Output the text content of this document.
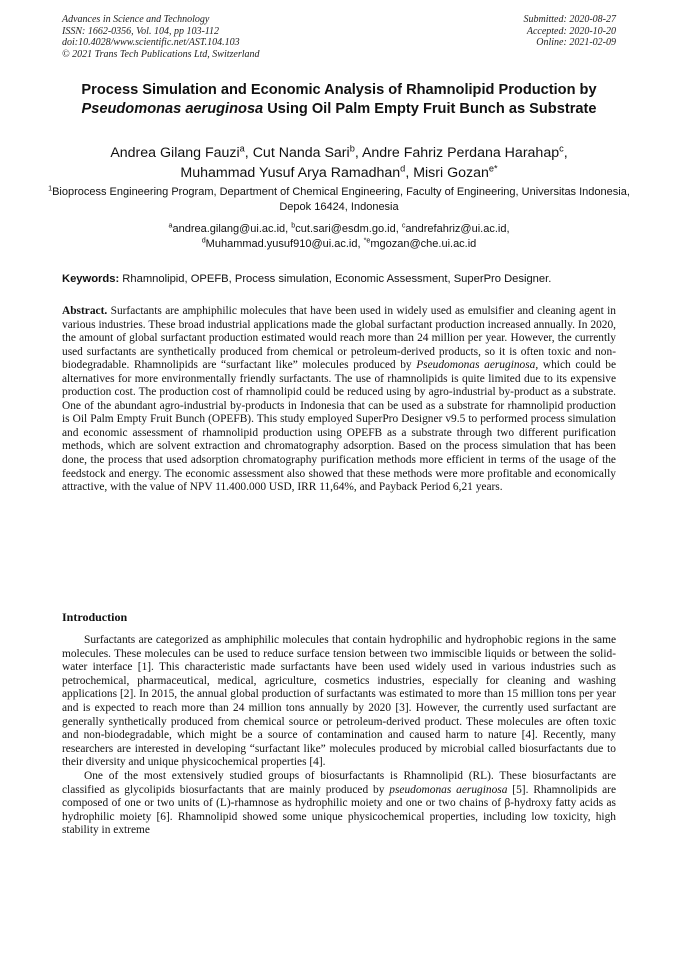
Advances in Science and Technology
ISSN: 1662-0356, Vol. 104, pp 103-112
doi:10.4028/www.scientific.net/AST.104.103
© 2021 Trans Tech Publications Ltd, Switzerland
Submitted: 2020-08-27
Accepted: 2020-10-20
Online: 2021-02-09
Process Simulation and Economic Analysis of Rhamnolipid Production by Pseudomonas aeruginosa Using Oil Palm Empty Fruit Bunch as Substrate
Andrea Gilang Fauzi$^a$, Cut Nanda Sari$^b$, Andre Fahriz Perdana Harahap$^c$,
Muhammad Yusuf Arya Ramadhan$^d$, Misri Gozan$^{e*}$
$^1$Bioprocess Engineering Program, Department of Chemical Engineering, Faculty of Engineering, Universitas Indonesia, Depok 16424, Indonesia
$^a$andrea.gilang@ui.ac.id, $^b$cut.sari@esdm.go.id, $^c$andrefahriz@ui.ac.id,
$^d$Muhammad.yusuf910@ui.ac.id, $^{*e}$mgozan@che.ui.ac.id
Keywords: Rhamnolipid, OPEFB, Process simulation, Economic Assessment, SuperPro Designer.
Abstract. Surfactants are amphiphilic molecules that have been used in widely used as emulsifier and cleaning agent in various industries. These broad industrial applications made the global surfactant production increased annually. In 2020, the amount of global surfactant production estimated would reach more than 24 million per year. However, the currently used surfactants are synthetically produced from chemical or petroleum-derived products, so it is often toxic and non-biodegradable. Rhamnolipids are “surfactant like” molecules produced by Pseudomonas aeruginosa, which could be alternatives for more environmentally friendly surfactants. The use of rhamnolipids is quite limited due to its expensive production cost. The production cost of rhamnolipid could be reduced using by agro-industrial by-product as a substrate. One of the abundant agro-industrial by-products in Indonesia that can be used as a substrate for rhamnolipid production is Oil Palm Empty Fruit Bunch (OPEFB). This study employed SuperPro Designer v9.5 to performed process simulation and economic assessment of rhamnolipid production using OPEFB as a substrate through two different purification methods, which are solvent extraction and chromatography adsorption. Based on the process simulation that has been done, the process that used adsorption chromatography purification methods more efficient in terms of the usage of the feedstock and energy. The economic assessment also showed that these methods were more profitable and economically attractive, with the value of NPV 11.400.000 USD, IRR 11,64%, and Payback Period 6,21 years.
Introduction

Surfactants are categorized as amphiphilic molecules that contain hydrophilic and hydrophobic regions in the same molecules. These molecules can be used to reduce surface tension between two immiscible liquids or between the solid-water interface [1]. This characteristic made surfactants have been used widely used in various industries such as petrochemical, pharmaceutical, medical, agriculture, cosmetics industries, especially for cleaning and washing applications [2]. In 2015, the annual global production of surfactants was estimated to more than 15 million tons per year and is expected to reach more than 24 million tons annually by 2020 [3]. However, the currently used surfactant are generally synthetically produced from chemical source or petroleum-derived product. These molecules are often toxic and non-biodegradable, which might be a source of contamination and caused harm to nature [4]. Recently, many researchers are interested in developing “surfactant like” molecules produced by microbial called biosurfactants due to their diversity and unique physicochemical properties [4].

One of the most extensively studied groups of biosurfactants is Rhamnolipid (RL). These biosurfactants are classified as glycolipids biosurfactants that are mainly produced by pseudomonas aeruginosa [5]. Rhamnolipids are composed of one or two units of (L)-rhamnose as hydrophilic moiety and one or two chains of β-hydroxy fatty acids as hydrophilic moiety [6]. Rhamnolipid showed some unique physicochemical properties, including low toxicity, high stability in extreme
